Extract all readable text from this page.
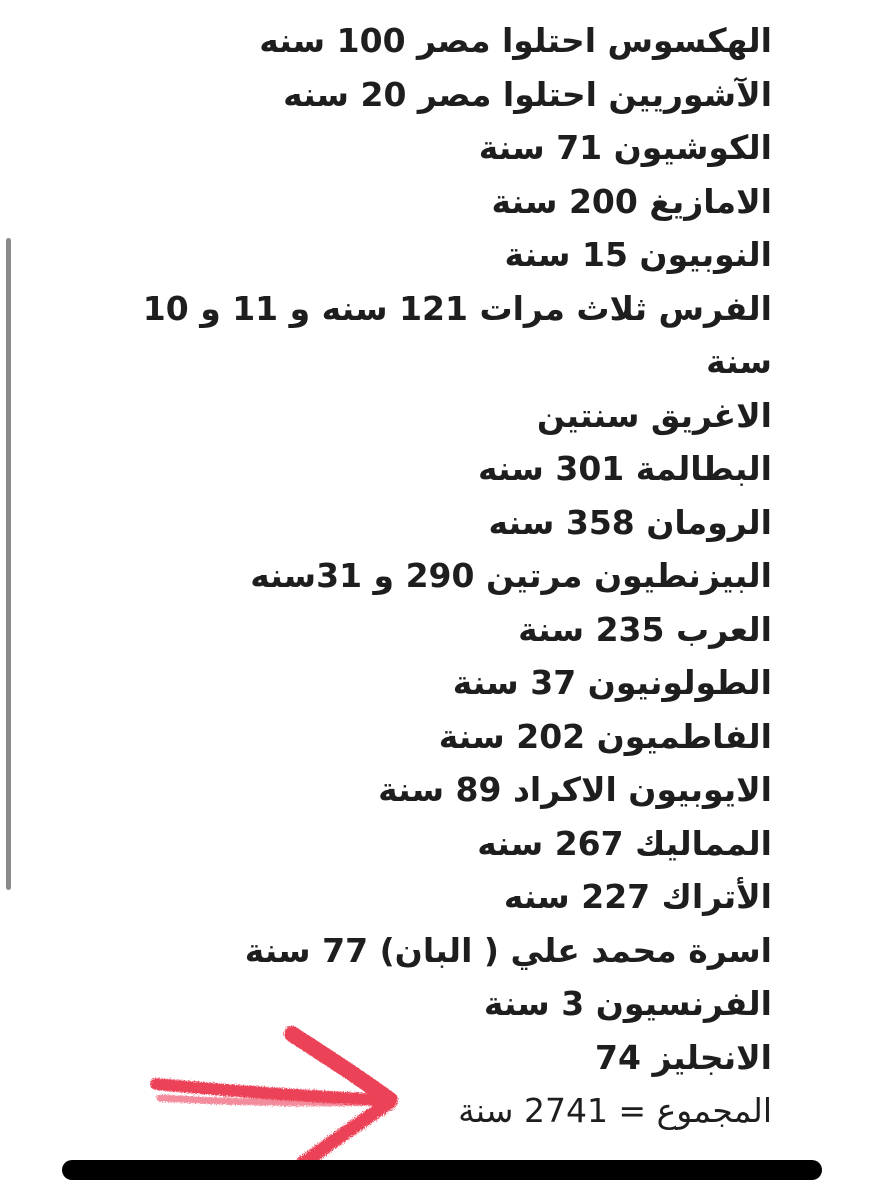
الهكسوس احتلوا مصر 100 سنه
الآشوريين احتلوا مصر 20 سنه
الكوشيون 71 سنة
الامازيغ 200 سنة
النوبيون 15 سنة
الفرس ثلاث مرات 121 سنه و 11 و 10
سنة
الاغريق سنتين
البطالمة 301 سنه
الرومان 358 سنه
البيزنطيون مرتين 290 و 31سنه
العرب 235 سنة
الطولونيون 37 سنة
الفاطميون 202 سنة
الايوبيون الاكراد 89 سنة
المماليك 267 سنه
الأتراك 227 سنه
اسرة محمد علي ( البان) 77 سنة
الفرنسيون 3 سنة
الانجليز 74
المجموع = 2741 سنة
